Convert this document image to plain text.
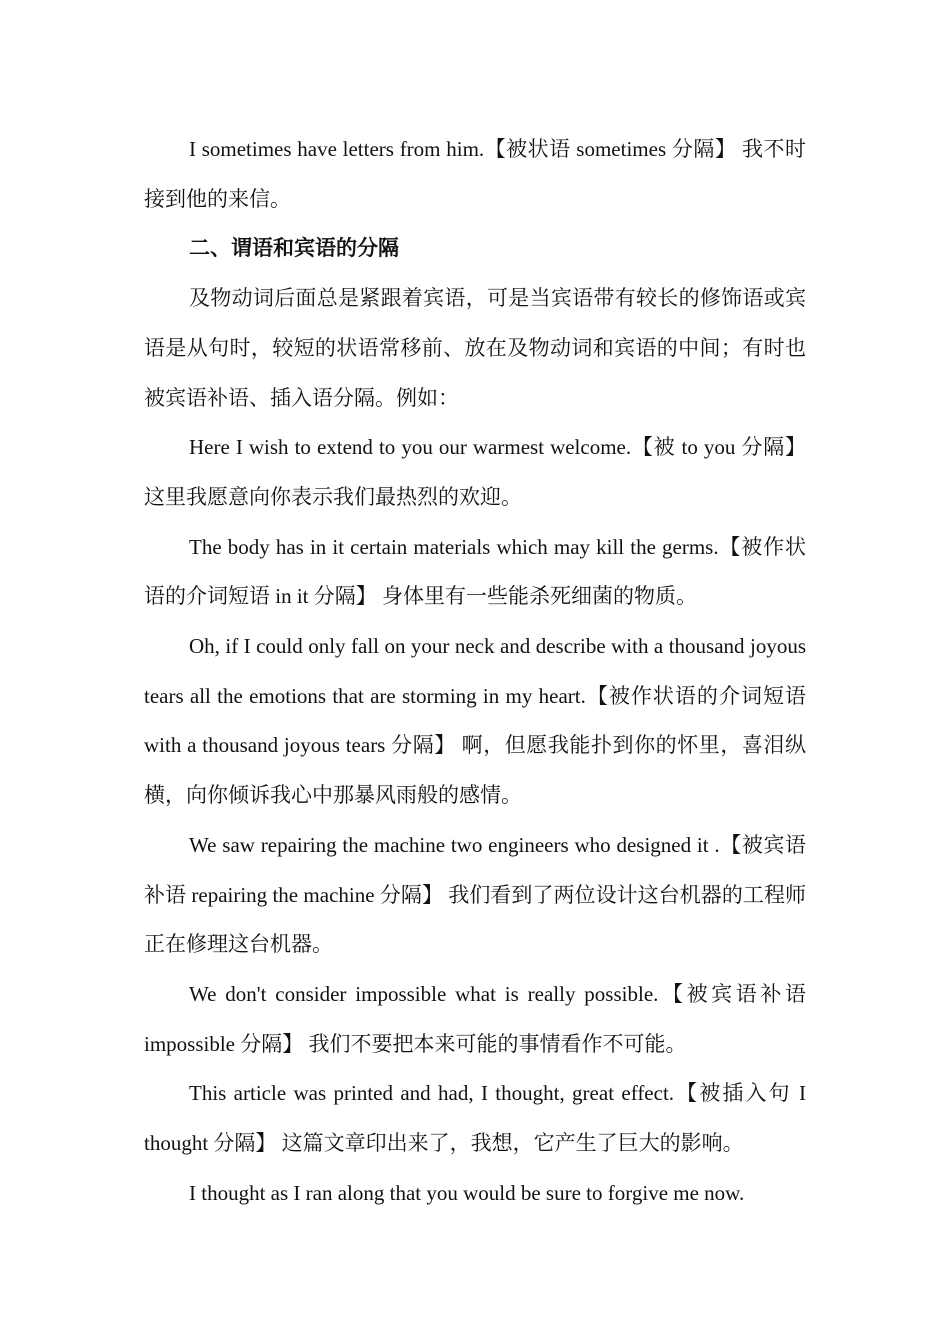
I sometimes have letters from him.【被状语 sometimes 分隔】 我不时接到他的来信。

二、谓语和宾语的分隔

及物动词后面总是紧跟着宾语，可是当宾语带有较长的修饰语或宾语是从句时，较短的状语常移前、放在及物动词和宾语的中间；有时也被宾语补语、插入语分隔。例如：

Here I wish to extend to you our warmest welcome.【被 to you 分隔】 这里我愿意向你表示我们最热烈的欢迎。

The body has in it certain materials which may kill the germs.【被作状语的介词短语 in it 分隔】 身体里有一些能杀死细菌的物质。

Oh, if I could only fall on your neck and describe with a thousand joyous tears all the emotions that are storming in my heart.【被作状语的介词短语 with a thousand joyous tears 分隔】 啊，但愿我能扑到你的怀里，喜泪纵横，向你倾诉我心中那暴风雨般的感情。

We saw repairing the machine two engineers who designed it .【被宾语补语 repairing the machine 分隔】 我们看到了两位设计这台机器的工程师正在修理这台机器。

We don't consider impossible what is really possible.【被宾语补语 impossible 分隔】 我们不要把本来可能的事情看作不可能。

This article was printed and had, I thought, great effect.【被插入句 I thought 分隔】 这篇文章印出来了，我想，它产生了巨大的影响。

I thought as I ran along that you would be sure to forgive me now.
